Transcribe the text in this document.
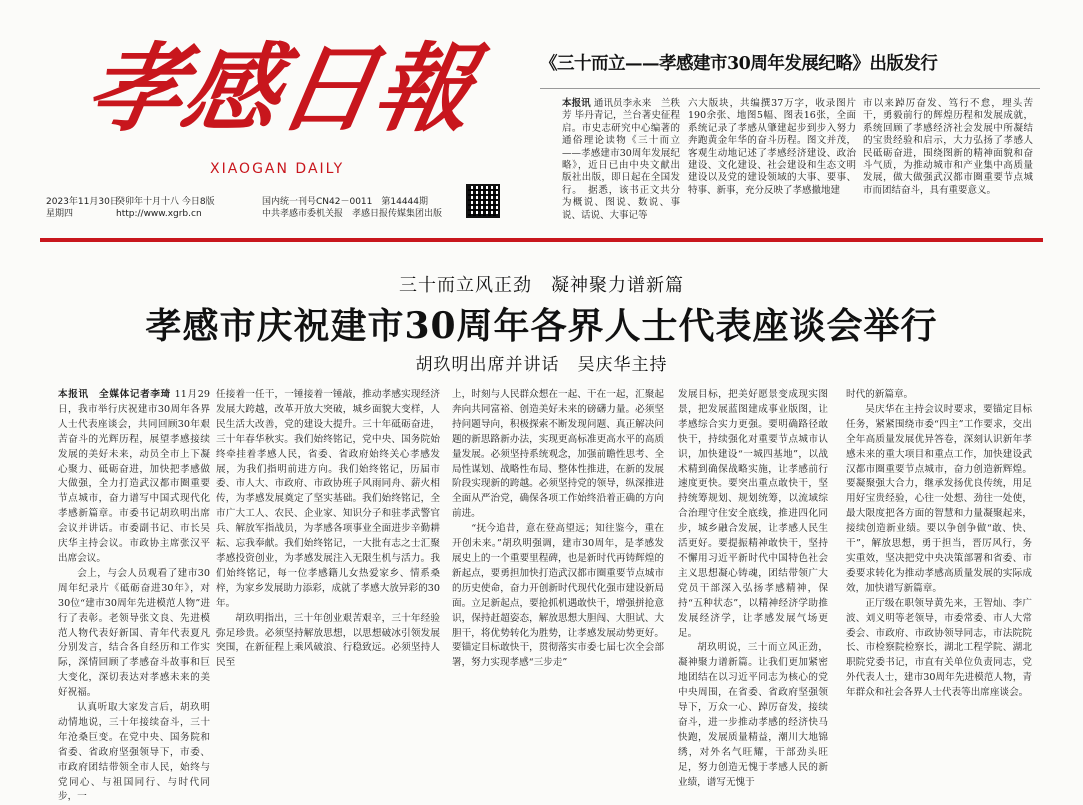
孝
感
日
報
XIAOGAN DAILY
2023年11月30日
星期四
癸卯年十月十八 今日8版
http://www.xgrb.cn
国内统一刊号CN42－0011　第14444期
中共孝感市委机关报　孝感日报传媒集团出版
《三十而立——孝感建市30周年发展纪略》出版发行
本报讯 通讯员李永来　兰秩芳 毕丹青记，兰台著史征程启。市史志研究中心编著的通俗理论读物《三十而立——孝感建市30周年发展纪略》，近日已由中央文献出版社出版，即日起在全国发行。　据悉，该书正文共分为概说、图说、数说、事说、话说、大事记等
六大版块，共编撰37万字，收录图片190余张、地图5幅、图表16张，全面系统记录了孝感从肇建起步到步入努力奔跑黄金年华的奋斗历程。图文并茂，客观生动地记述了孝感经济建设、政治建设、文化建设、社会建设和生态文明建设以及党的建设领域的大事、要事、特事、新事，充分反映了孝感撤地建
市以来踔厉奋发、笃行不怠，埋头苦干，勇毅前行的辉煌历程和发展成就，系统回顾了孝感经济社会发展中所凝结的宝贵经验和启示，大力弘扬了孝感人民砥砺奋进，围绕图新的精神面貌和奋斗气质，为推动城市和产业集中高质量发展，做大做强武汉都市圈重要节点城市而团结奋斗，具有重要意义。
三十而立风正劲　凝神聚力谱新篇
孝感市庆祝建市30周年各界人士代表座谈会举行
胡玖明出席并讲话　吴庆华主持

本报讯　全媒体记者李琦 11月29日，我市举行庆祝建市30周年各界人士代表座谈会，共同回顾30年艰苦奋斗的光辉历程，展望孝感接续发展的美好未来，动员全市上下凝心聚力、砥砺奋进，加快把孝感做大做强，全力打造武汉都市圈重要节点城市，奋力谱写中国式现代化孝感新篇章。市委书记胡玖明出席会议并讲话。市委副书记、市长吴庆华主持会议。市政协主席张汉平出席会议。

会上，与会人员观看了建市30周年纪录片《砥砺奋进30年》，对30位“建市30周年先进模范人物”进行了表彰。老领导张文良、先进模范人物代表好新国、青年代表夏凡分别发言，结合各自经历和工作实际，深情回顾了孝感奋斗故事和巨大变化，深切表达对孝感未来的美好祝福。

认真听取大家发言后，胡玖明动情地说，三十年接续奋斗，三十年沧桑巨变。在党中央、国务院和省委、省政府坚强领导下，市委、市政府团结带领全市人民，始终与党同心、与祖国同行、与时代同步，一

任接着一任干，一锤接着一锤敲，推动孝感实现经济发展大跨越，改革开放大突破，城乡面貌大变样，人民生活大改善，党的建设大提升。三十年砥砺奋进，三十年春华秋实。我们始终铭记，党中央、国务院始终牵挂着孝感人民，省委、省政府始终关心孝感发展，为我们指明前进方向。我们始终铭记，历届市委、市人大、市政府、市政协班子风雨同舟、薪火相传，为孝感发展奠定了坚实基础。我们始终铭记，全市广大工人、农民、企业家、知识分子和驻孝武警官兵、解放军指战员，为孝感各项事业全面进步辛勤耕耘、忘我奉献。我们始终铭记，一大批有志之士汇聚孝感投资创业，为孝感发展注入无限生机与活力。我们始终铭记，每一位孝感籍儿女热爱家乡、情系桑梓，为家乡发展助力添彩，成就了孝感大放异彩的30年。

胡玖明指出，三十年创业艰苦艰辛，三十年经验弥足珍贵。必须坚持解放思想，以思想破冰引领发展突围，在新征程上乘风破浪、行稳致远。必须坚持人民至

上，时刻与人民群众想在一起、干在一起，汇聚起奔向共同富裕、创造美好未来的磅礴力量。必须坚持问题导向，积极探索不断发现问题、真正解决问题的新思路新办法，实现更高标准更高水平的高质量发展。必须坚持系统观念，加强前瞻性思考、全局性谋划、战略性布局、整体性推进，在新的发展阶段实现新的跨越。必须坚持党的领导，纵深推进全面从严治党，确保各项工作始终沿着正确的方向前进。

“抚今追昔，意在登高望远；知往鉴今，重在开创未来。”胡玖明强调，建市30周年，是孝感发展史上的一个重要里程碑，也是新时代再铸辉煌的新起点，要勇担加快打造武汉都市圈重要节点城市的历史使命，奋力开创新时代现代化强市建设新局面。立足新起点，要抢抓机遇敢快干，增强拼抢意识，保持赶超姿态，解放思想大胆闯、大胆试、大胆干，将优势转化为胜势，让孝感发展动势更好。要锚定目标敢快干，贯彻落实市委七届七次全会部署，努力实现孝感“三步走”

发展目标，把美好愿景变成现实图景，把发展蓝图建成事业版图，让孝感综合实力更强。要明确路径敢快干，持续强化对重要节点城市认识，加快建设“一城四基地”，以战术精到确保战略实施，让孝感前行速度更快。要突出重点敢快干，坚持统筹规划、规划统筹，以流域综合治理守住安全底线，推进四化同步，城乡融合发展，让孝感人民生活更好。要提振精神敢快干，坚持不懈用习近平新时代中国特色社会主义思想凝心铸魂，团结带领广大党员干部深入弘扬孝感精神，保持“五种状态”，以精神经济学助推发展经济学，让孝感发展气场更足。

胡玖明说，三十而立风正劲，凝神聚力谱新篇。让我们更加紧密地团结在以习近平同志为核心的党中央周围，在省委、省政府坚强领导下，万众一心、踔厉奋发，接续奋斗，进一步推动孝感的经济快马快跑，发展质量精益，潮川大地锦绣，对外名气旺耀，干部劲头旺足，努力创造无愧于孝感人民的新业绩，谱写无愧于

时代的新篇章。

吴庆华在主持会议时要求，要锚定目标任务，紧紧围绕市委“四主”工作要求，交出全年高质量发展优异答卷，深刻认识新年孝感未来的重大项目和重点工作，加快建设武汉都市圈重要节点城市，奋力创造新辉煌。要凝聚强大合力，继承发扬优良传统，用足用好宝贵经验，心往一处想、劲往一处使，最大限度把各方面的智慧和力量凝聚起来，接续创造新业绩。要以争创争做“敢、快、干”，解放思想，勇于担当，晋厉风行，务实重效，坚决把党中央决策部署和省委、市委要求转化为推动孝感高质量发展的实际成效，加快谱写新篇章。

正厅级在职领导黄先来，王智灿、李广波、刘义明等老领导，市委常委、市人大常委会、市政府、市政协领导同志，市法院院长、市检察院检察长，湖北工程学院、湖北职院党委书记，市直有关单位负责同志，党外代表人士，建市30周年先进模范人物，青年群众和社会各界人士代表等出席座谈会。
